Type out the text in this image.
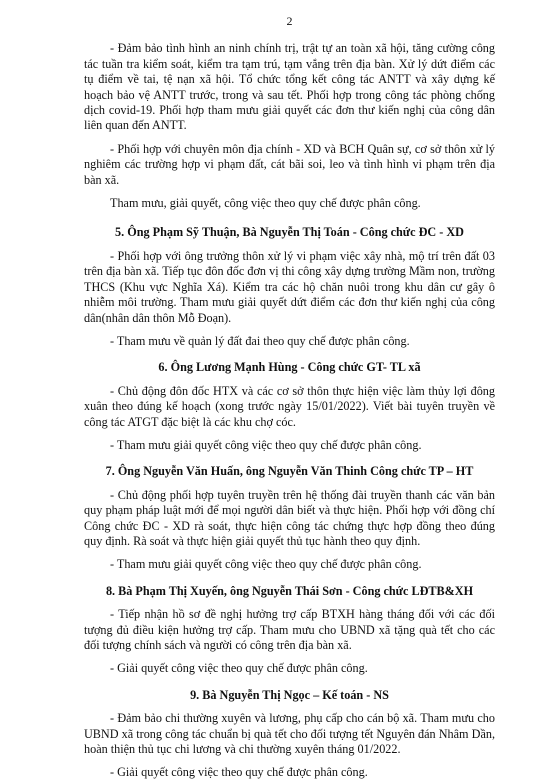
2

- Đảm bảo tình hình an ninh chính trị, trật tự an toàn xã hội, tăng cường công tác tuần tra kiểm soát, kiểm tra tạm trú, tạm vắng trên địa bàn. Xử lý dứt điểm các tụ điểm về tai, tệ nạn xã hội. Tổ chức tổng kết công tác ANTT và xây dựng kế hoạch bảo vệ ANTT trước, trong và sau tết. Phối hợp trong công tác phòng chống dịch covid-19. Phối hợp tham mưu giải quyết các đơn thư kiến nghị của công dân liên quan đến ANTT.

- Phối hợp với chuyên môn địa chính - XD và BCH Quân sự, cơ sở thôn xử lý nghiêm các trường hợp vi phạm đất, cát bãi soi, leo và tình hình vi phạm trên địa bàn xã.

Tham mưu, giải quyết, công việc theo quy chế được phân công.

5. Ông Phạm Sỹ Thuận, Bà Nguyễn Thị Toán - Công chức ĐC - XD

- Phối hợp với ông trưởng thôn xử lý vi phạm việc xây nhà, mộ trí trên đất 03 trên địa bàn xã. Tiếp tục đôn đốc đơn vị thi công xây dựng trường Mầm non, trường THCS (Khu vực Nghĩa Xá). Kiểm tra các hộ chăn nuôi trong khu dân cư gây ô nhiễm môi trường. Tham mưu giải quyết dứt điểm các đơn thư kiến nghị của công dân(nhân dân thôn Mỗ Đoạn).

- Tham mưu về quản lý đất đai theo quy chế được phân công.

6. Ông Lương Mạnh Hùng - Công chức GT- TL xã

- Chủ động đôn đốc HTX và các cơ sở thôn thực hiện việc làm thủy lợi đông xuân theo đúng kế hoạch (xong trước ngày 15/01/2022). Viết bài tuyên truyền về công tác ATGT đặc biệt là các khu chợ cóc.

- Tham mưu giải quyết công việc theo quy chế được phân công.

7. Ông Nguyễn Văn Huấn, ông Nguyễn Văn Thinh Công chức TP – HT

- Chủ động phối hợp tuyên truyền trên hệ thống đài truyền thanh các văn bản quy phạm pháp luật mới để mọi người dân biết và thực hiện. Phối hợp với đồng chí Công chức ĐC - XD rà soát, thực hiện công tác chứng thực hợp đồng theo đúng quy định. Rà soát và thực hiện giải quyết thủ tục hành theo quy định.

- Tham mưu giải quyết công việc theo quy chế được phân công.

8. Bà Phạm Thị Xuyến, ông Nguyễn Thái Sơn - Công chức LĐTB&XH

- Tiếp nhận hồ sơ đề nghị hưởng trợ cấp BTXH hàng tháng đối với các đối tượng đủ điều kiện hưởng trợ cấp. Tham mưu cho UBND xã tặng quà tết cho các đối tượng chính sách và người có công trên địa bàn xã.

- Giải quyết công việc theo quy chế được phân công.

9. Bà Nguyễn Thị Ngọc – Kế toán - NS

- Đảm bảo chi thường xuyên và lương, phụ cấp cho cán bộ xã. Tham mưu cho UBND xã trong công tác chuẩn bị quà tết cho đối tượng tết Nguyên đán Nhâm Dần, hoàn thiện thủ tục chi lương và chi thường xuyên tháng 01/2022.

- Giải quyết công việc theo quy chế được phân công.
